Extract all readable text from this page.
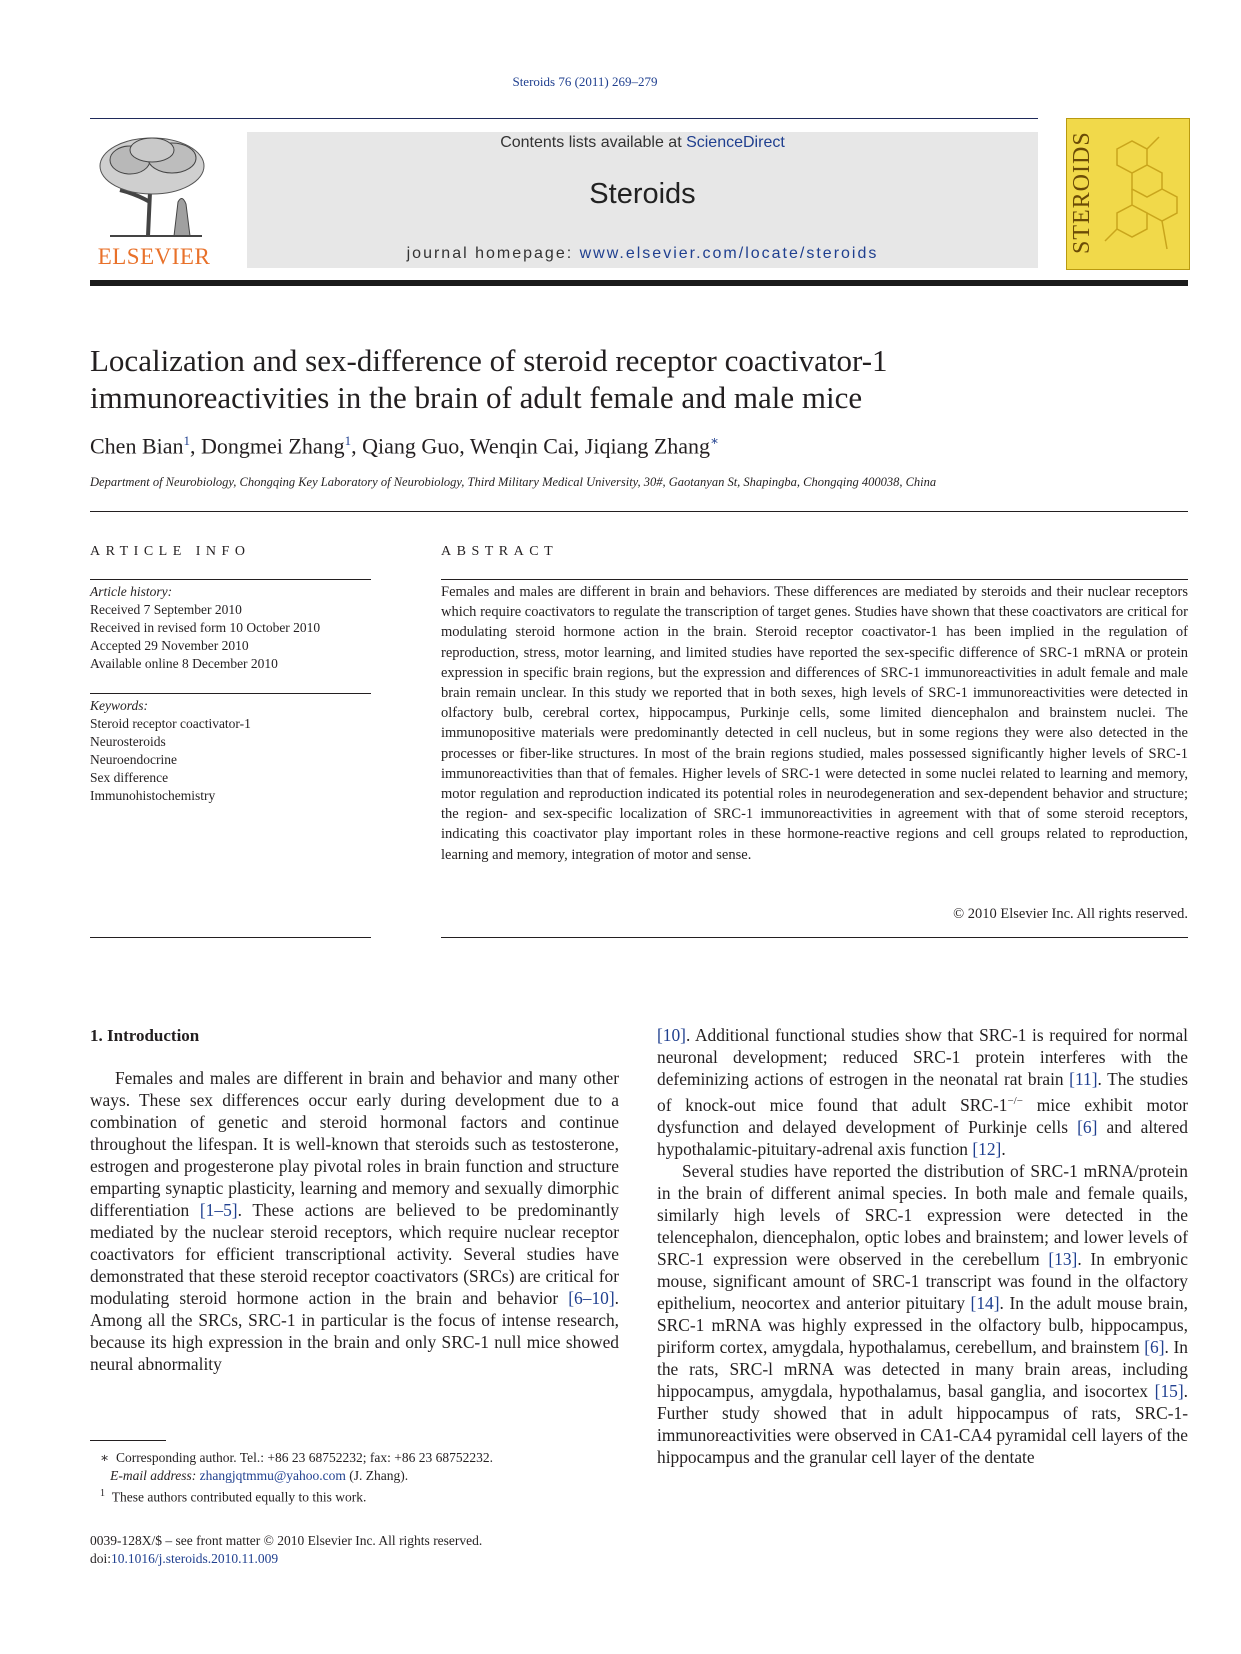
Steroids 76 (2011) 269–279
ELSEVIER
Contents lists available at ScienceDirect
Steroids
journal homepage: www.elsevier.com/locate/steroids	STEROIDS
Localization and sex-difference of steroid receptor coactivator-1
immunoreactivities in the brain of adult female and male mice
Chen Bian$^1$, Dongmei Zhang$^1$, Qiang Guo, Wenqin Cai, Jiqiang Zhang∗
Department of Neurobiology, Chongqing Key Laboratory of Neurobiology, Third Military Medical University, 30#, Gaotanyan St, Shapingba, Chongqing 400038, China
ARTICLE INFO
Article history:
Received 7 September 2010
Received in revised form 10 October 2010
Accepted 29 November 2010
Available online 8 December 2010
Keywords:
Steroid receptor coactivator-1
Neurosteroids
Neuroendocrine
Sex difference
Immunohistochemistry
ABSTRACT
Females and males are different in brain and behaviors. These differences are mediated by steroids and their nuclear receptors which require coactivators to regulate the transcription of target genes. Studies have shown that these coactivators are critical for modulating steroid hormone action in the brain. Steroid receptor coactivator-1 has been implied in the regulation of reproduction, stress, motor learning, and limited studies have reported the sex-specific difference of SRC-1 mRNA or protein expression in specific brain regions, but the expression and differences of SRC-1 immunoreactivities in adult female and male brain remain unclear. In this study we reported that in both sexes, high levels of SRC-1 immunoreactivities were detected in olfactory bulb, cerebral cortex, hippocampus, Purkinje cells, some limited diencephalon and brainstem nuclei. The immunopositive materials were predominantly detected in cell nucleus, but in some regions they were also detected in the processes or fiber-like structures. In most of the brain regions studied, males possessed significantly higher levels of SRC-1 immunoreactivities than that of females. Higher levels of SRC-1 were detected in some nuclei related to learning and memory, motor regulation and reproduction indicated its potential roles in neurodegeneration and sex-dependent behavior and structure; the region- and sex-specific localization of SRC-1 immunoreactivities in agreement with that of some steroid receptors, indicating this coactivator play important roles in these hormone-reactive regions and cell groups related to reproduction, learning and memory, integration of motor and sense.
© 2010 Elsevier Inc. All rights reserved.
1. Introduction

Females and males are different in brain and behavior and many other ways. These sex differences occur early during development due to a combination of genetic and steroid hormonal factors and continue throughout the lifespan. It is well-known that steroids such as testosterone, estrogen and progesterone play pivotal roles in brain function and structure emparting synaptic plasticity, learning and memory and sexually dimorphic differentiation [1–5]. These actions are believed to be predominantly mediated by the nuclear steroid receptors, which require nuclear receptor coactivators for efficient transcriptional activity. Several studies have demonstrated that these steroid receptor coactivators (SRCs) are critical for modulating steroid hormone action in the brain and behavior [6–10]. Among all the SRCs, SRC-1 in particular is the focus of intense research, because its high expression in the brain and only SRC-1 null mice showed neural abnormality

[10]. Additional functional studies show that SRC-1 is required for normal neuronal development; reduced SRC-1 protein interferes with the defeminizing actions of estrogen in the neonatal rat brain [11]. The studies of knock-out mice found that adult SRC-1−/− mice exhibit motor dysfunction and delayed development of Purkinje cells [6] and altered hypothalamic-pituitary-adrenal axis function [12].

Several studies have reported the distribution of SRC-1 mRNA/protein in the brain of different animal species. In both male and female quails, similarly high levels of SRC-1 expression were detected in the telencephalon, diencephalon, optic lobes and brainstem; and lower levels of SRC-1 expression were observed in the cerebellum [13]. In embryonic mouse, significant amount of SRC-1 transcript was found in the olfactory epithelium, neocortex and anterior pituitary [14]. In the adult mouse brain, SRC-1 mRNA was highly expressed in the olfactory bulb, hippocampus, piriform cortex, amygdala, hypothalamus, cerebellum, and brainstem [6]. In the rats, SRC-l mRNA was detected in many brain areas, including hippocampus, amygdala, hypothalamus, basal ganglia, and isocortex [15]. Further study showed that in adult hippocampus of rats, SRC-1-immunoreactivities were observed in CA1-CA4 pyramidal cell layers of the hippocampus and the granular cell layer of the dentate

∗ Corresponding author. Tel.: +86 23 68752232; fax: +86 23 68752232.
E-mail address: zhangjqtmmu@yahoo.com (J. Zhang).
$^1$ These authors contributed equally to this work.
0039-128X/$ – see front matter © 2010 Elsevier Inc. All rights reserved.
doi:10.1016/j.steroids.2010.11.009
